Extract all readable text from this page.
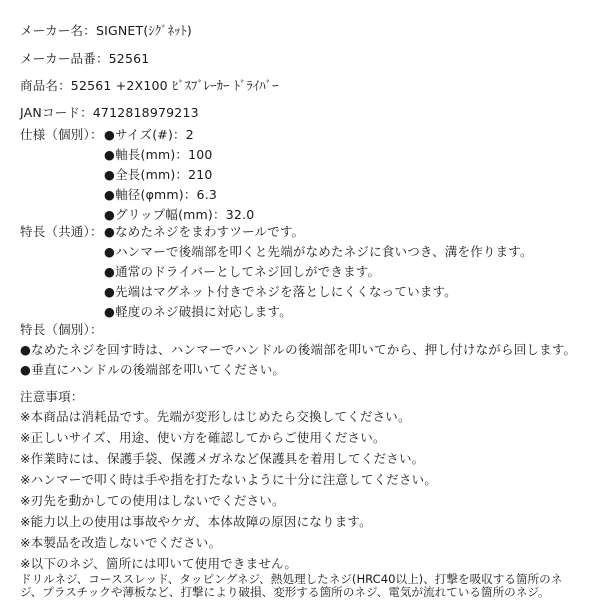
メーカー名：SIGNET(ｼｸﾞﾈｯﾄ)
メーカー品番：52561
商品名：52561 +2X100 ﾋﾞｽﾌﾞﾚｰｶｰ ﾄﾞﾗｲﾊﾞｰ
JANコード：4712818979213
仕様（個別）： ●サイズ(#)：2
●軸長(mm)：100
●全長(mm)：210
●軸径(φmm)：6.3
●グリップ幅(mm)：32.0
特長（共通）： ●なめたネジをまわすツールです。
●ハンマーで後端部を叩くと先端がなめたネジに食いつき、溝を作ります。
●通常のドライバーとしてネジ回しができます。
●先端はマグネット付きでネジを落としにくくなっています。
●軽度のネジ破損に対応します。
特長（個別）：
●なめたネジを回す時は、ハンマーでハンドルの後端部を叩いてから、押し付けながら回します。
●垂直にハンドルの後端部を叩いてください。
注意事項：
※本商品は消耗品です。先端が変形しはじめたら交換してください。
※正しいサイズ、用途、使い方を確認してからご使用ください。
※作業時には、保護手袋、保護メガネなど保護具を着用してください。
※ハンマーで叩く時は手や指を打たないように十分に注意してください。
※刃先を動かしての使用はしないでください。
※能力以上の使用は事故やケガ、本体故障の原因になります。
※本製品を改造しないでください。
※以下のネジ、箇所には叩いて使用できません。
ドリルネジ、コーススレッド、タッピングネジ、熱処理したネジ(HRC40以上)、打撃を吸収する箇所のネ
ジ、プラスチックや薄板など、打撃により破損、変形する箇所のネジ、電気が流れている箇所のネジ。
